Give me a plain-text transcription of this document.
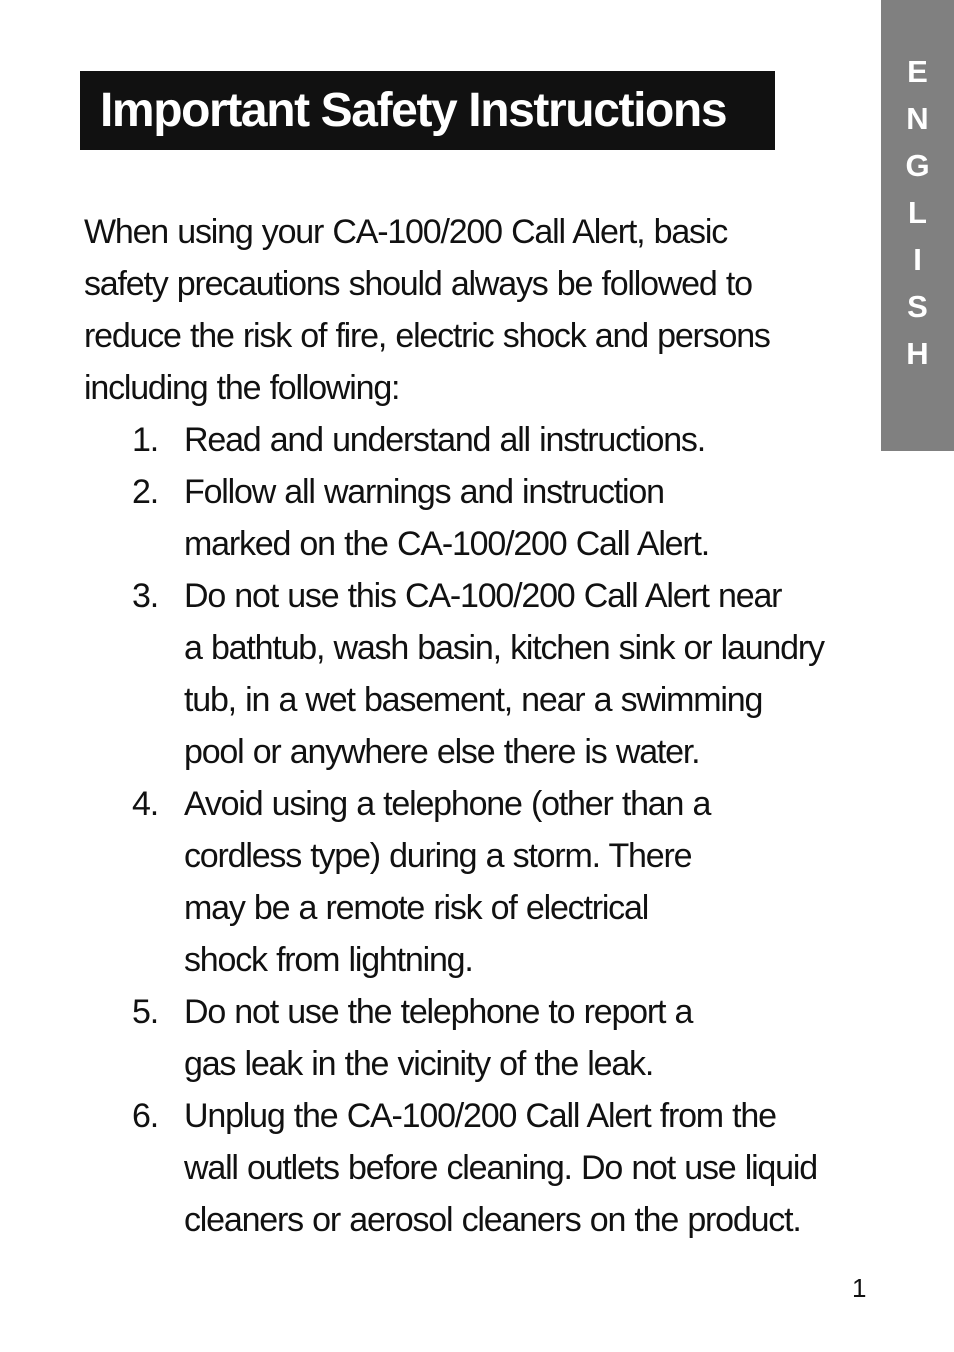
Important Safety Instructions
E
N
G
L
I
S
H

When using your CA-100/200 Call Alert, basic
safety precautions should always be followed to
reduce the risk of fire, electric shock and persons
including the following:

1. Read and understand all instructions.
2. Follow all warnings and instruction
marked on the CA-100/200 Call Alert.
3. Do not use this CA-100/200 Call Alert near
a bathtub, wash basin, kitchen sink or laundry
tub, in a wet basement, near a swimming
pool or anywhere else there is water.
4. Avoid using a telephone (other than a
cordless type) during a storm. There
may be a remote risk of electrical
shock from lightning.
5. Do not use the telephone to report a
gas leak in the vicinity of the leak.
6. Unplug the CA-100/200 Call Alert from the
wall outlets before cleaning. Do not use liquid
cleaners or aerosol cleaners on the product.
1
